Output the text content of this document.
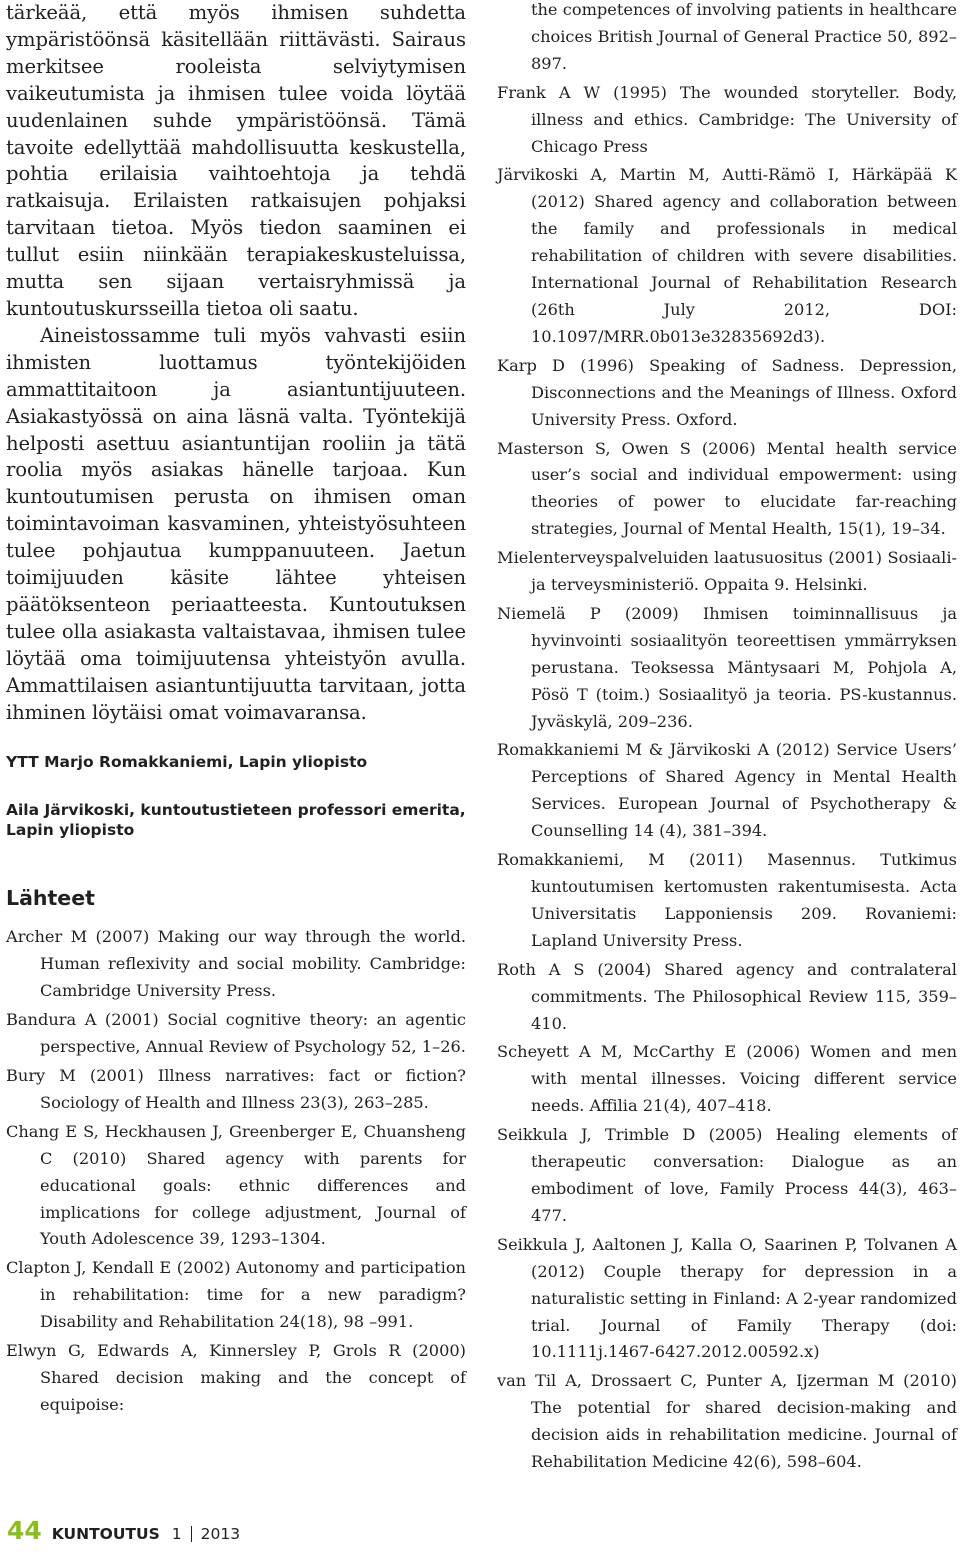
tärkeää, että myös ihmisen suhdetta ympäristöönsä käsitellään riittävästi. Sairaus merkitsee rooleista selviytymisen vaikeutumista ja ihmisen tulee voida löytää uudenlainen suhde ympäristöönsä. Tämä tavoite edellyttää mahdollisuutta keskustella, pohtia erilaisia vaihtoehtoja ja tehdä ratkaisuja. Erilaisten ratkaisujen pohjaksi tarvitaan tietoa. Myös tiedon saaminen ei tullut esiin niinkään terapiakeskusteluissa, mutta sen sijaan vertaisryhmissä ja kuntoutuskursseilla tietoa oli saatu.

Aineistossamme tuli myös vahvasti esiin ihmisten luottamus työntekijöiden ammattitaitoon ja asiantuntijuuteen. Asiakastyössä on aina läsnä valta. Työntekijä helposti asettuu asiantuntijan rooliin ja tätä roolia myös asiakas hänelle tarjoaa. Kun kuntoutumisen perusta on ihmisen oman toimintavoiman kasvaminen, yhteistyösuhteen tulee pohjautua kumppanuuteen. Jaetun toimijuuden käsite lähtee yhteisen päätöksenteon periaatteesta. Kuntoutuksen tulee olla asiakasta valtaistavaa, ihmisen tulee löytää oma toimijuutensa yhteistyön avulla. Ammattilaisen asiantuntijuutta tarvitaan, jotta ihminen löytäisi omat voimavaransa.

YTT Marjo Romakkaniemi, Lapin yliopisto

Aila Järvikoski, kuntoutustieteen professori emerita, Lapin yliopisto

Lähteet
Archer M (2007) Making our way through the world. Human reflexivity and social mobility. Cambridge: Cambridge University Press.
Bandura A (2001) Social cognitive theory: an agentic perspective, Annual Review of Psychology 52, 1–26.
Bury M (2001) Illness narratives: fact or fiction? Sociology of Health and Illness 23(3), 263–285.
Chang E S, Heckhausen J, Greenberger E, Chuansheng C (2010) Shared agency with parents for educational goals: ethnic differences and implications for college adjustment, Journal of Youth Adolescence 39, 1293–1304.
Clapton J, Kendall E (2002) Autonomy and participation in rehabilitation: time for a new paradigm? Disability and Rehabilitation 24(18), 98 –991.
Elwyn G, Edwards A, Kinnersley P, Grols R (2000) Shared decision making and the concept of equipoise:
the competences of involving patients in healthcare choices British Journal of General Practice 50, 892–897.
Frank A W (1995) The wounded storyteller. Body, illness and ethics. Cambridge: The University of Chicago Press
Järvikoski A, Martin M, Autti-Rämö I, Härkäpää K (2012) Shared agency and collaboration between the family and professionals in medical rehabilitation of children with severe disabilities. International Journal of Rehabilitation Research (26th July 2012, DOI: 10.1097/MRR.0b013e32835692d3).
Karp D (1996) Speaking of Sadness. Depression, Disconnections and the Meanings of Illness. Oxford University Press. Oxford.
Masterson S, Owen S (2006) Mental health service user’s social and individual empowerment: using theories of power to elucidate far-reaching strategies, Journal of Mental Health, 15(1), 19–34.
Mielenterveyspalveluiden laatusuositus (2001) Sosiaali- ja terveysministeriö. Oppaita 9. Helsinki.
Niemelä P (2009) Ihmisen toiminnallisuus ja hyvinvointi sosiaalityön teoreettisen ymmärryksen perustana. Teoksessa Mäntysaari M, Pohjola A, Pösö T (toim.) Sosiaalityö ja teoria. PS-kustannus. Jyväskylä, 209–236.
Romakkaniemi M & Järvikoski A (2012) Service Users’ Perceptions of Shared Agency in Mental Health Services. European Journal of Psychotherapy & Counselling 14 (4), 381–394.
Romakkaniemi, M (2011) Masennus. Tutkimus kuntoutumisen kertomusten rakentumisesta. Acta Universitatis Lapponiensis 209. Rovaniemi: Lapland University Press.
Roth A S (2004) Shared agency and contralateral commitments. The Philosophical Review 115, 359–410.
Scheyett A M, McCarthy E (2006) Women and men with mental illnesses. Voicing different service needs. Affilia 21(4), 407–418.
Seikkula J, Trimble D (2005) Healing elements of therapeutic conversation: Dialogue as an embodiment of love, Family Process 44(3), 463–477.
Seikkula J, Aaltonen J, Kalla O, Saarinen P, Tolvanen A (2012) Couple therapy for depression in a naturalistic setting in Finland: A 2-year randomized trial. Journal of Family Therapy (doi: 10.1111j.1467-6427.2012.00592.x)
van Til A, Drossaert C, Punter A, Ijzerman M (2010) The potential for shared decision-making and decision aids in rehabilitation medicine. Journal of Rehabilitation Medicine 42(6), 598–604.
44 KUNTOUTUS 1 2013
